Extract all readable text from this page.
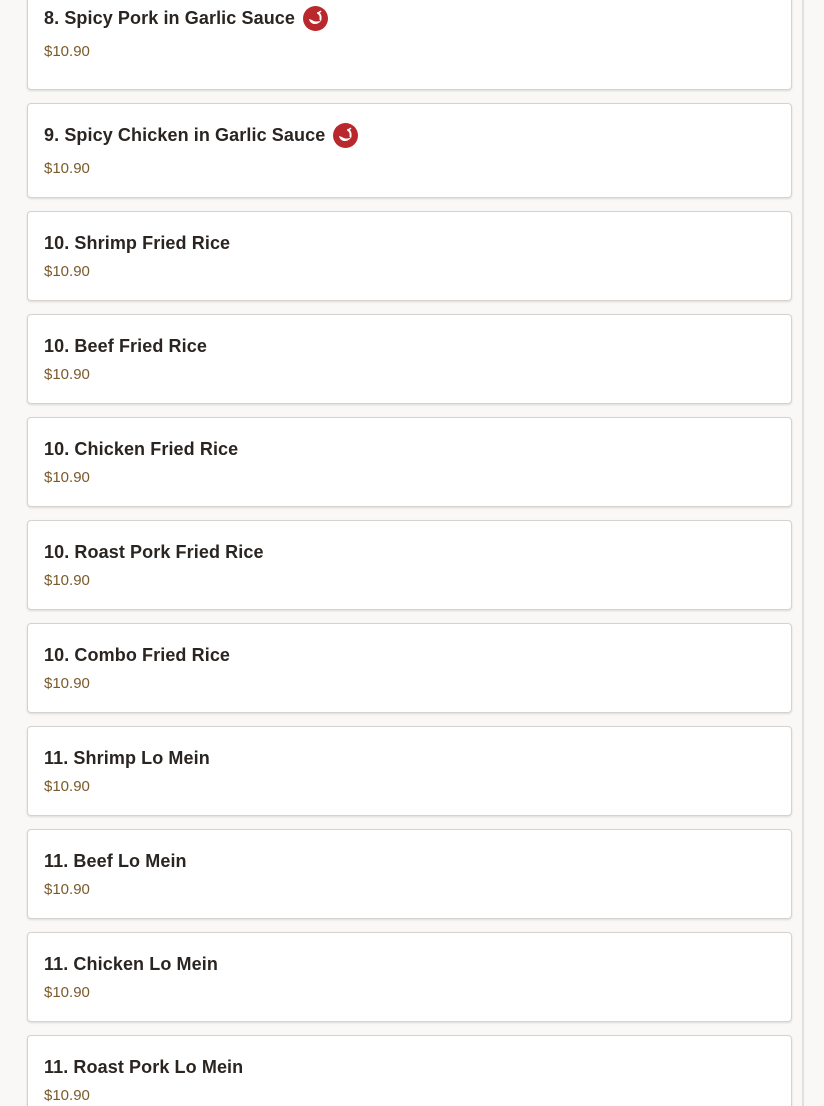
8. Spicy Pork in Garlic Sauce
$10.90
9. Spicy Chicken in Garlic Sauce
$10.90
10. Shrimp Fried Rice
$10.90
10. Beef Fried Rice
$10.90
10. Chicken Fried Rice
$10.90
10. Roast Pork Fried Rice
$10.90
10. Combo Fried Rice
$10.90
11. Shrimp Lo Mein
$10.90
11. Beef Lo Mein
$10.90
11. Chicken Lo Mein
$10.90
11. Roast Pork Lo Mein
$10.90
